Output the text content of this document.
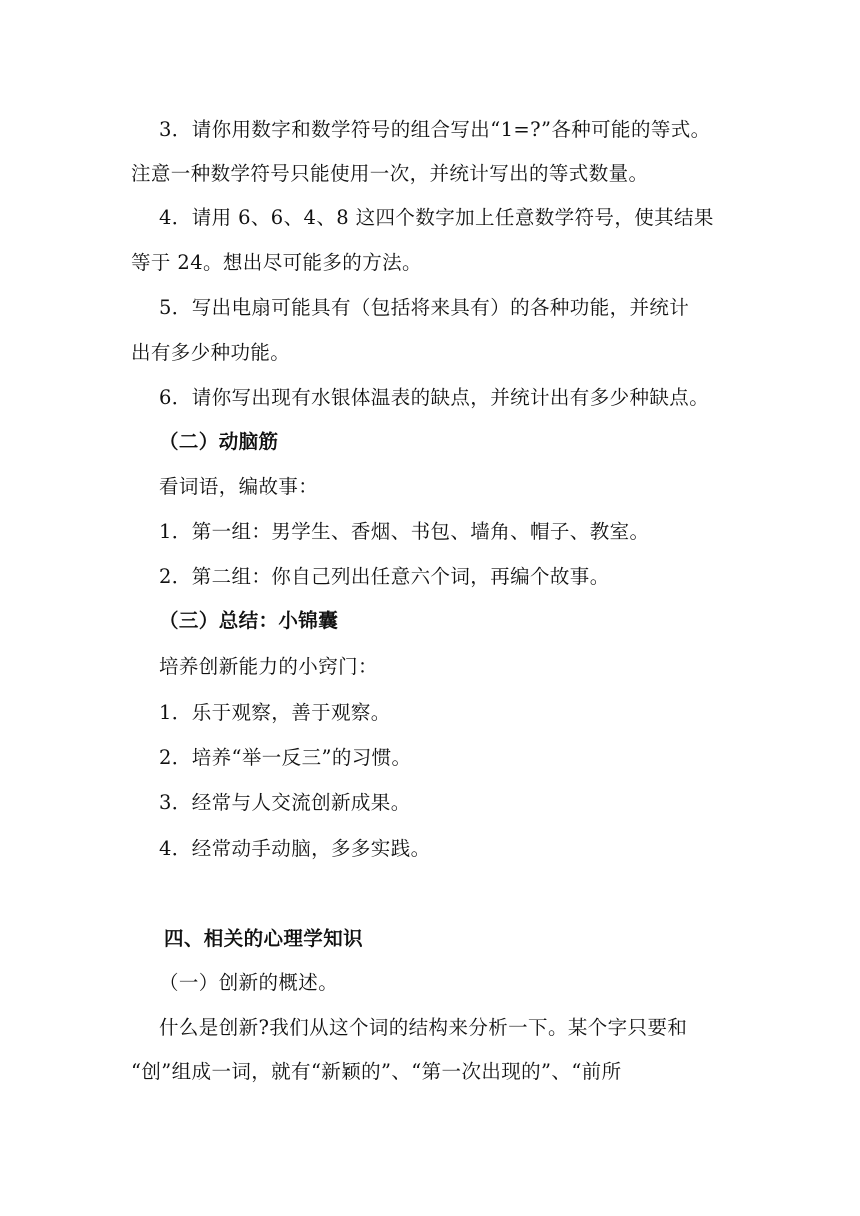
3．请你用数字和数学符号的组合写出“1=?”各种可能的等式。
注意一种数学符号只能使用一次，并统计写出的等式数量。
4．请用 6、6、4、8 这四个数字加上任意数学符号，使其结果
等于 24。想出尽可能多的方法。
5．写出电扇可能具有（包括将来具有）的各种功能，并统计
出有多少种功能。
6．请你写出现有水银体温表的缺点，并统计出有多少种缺点。
（二）动脑筋
看词语，编故事：
1．第一组：男学生、香烟、书包、墙角、帽子、教室。
2．第二组：你自己列出任意六个词，再编个故事。
（三）总结：小锦囊
培养创新能力的小窍门：
1．乐于观察，善于观察。
2．培养“举一反三”的习惯。
3．经常与人交流创新成果。
4．经常动手动脑，多多实践。
四、相关的心理学知识
（一）创新的概述。
什么是创新?我们从这个词的结构来分析一下。某个字只要和
“创”组成一词，就有“新颖的”、“第一次出现的”、“前所
